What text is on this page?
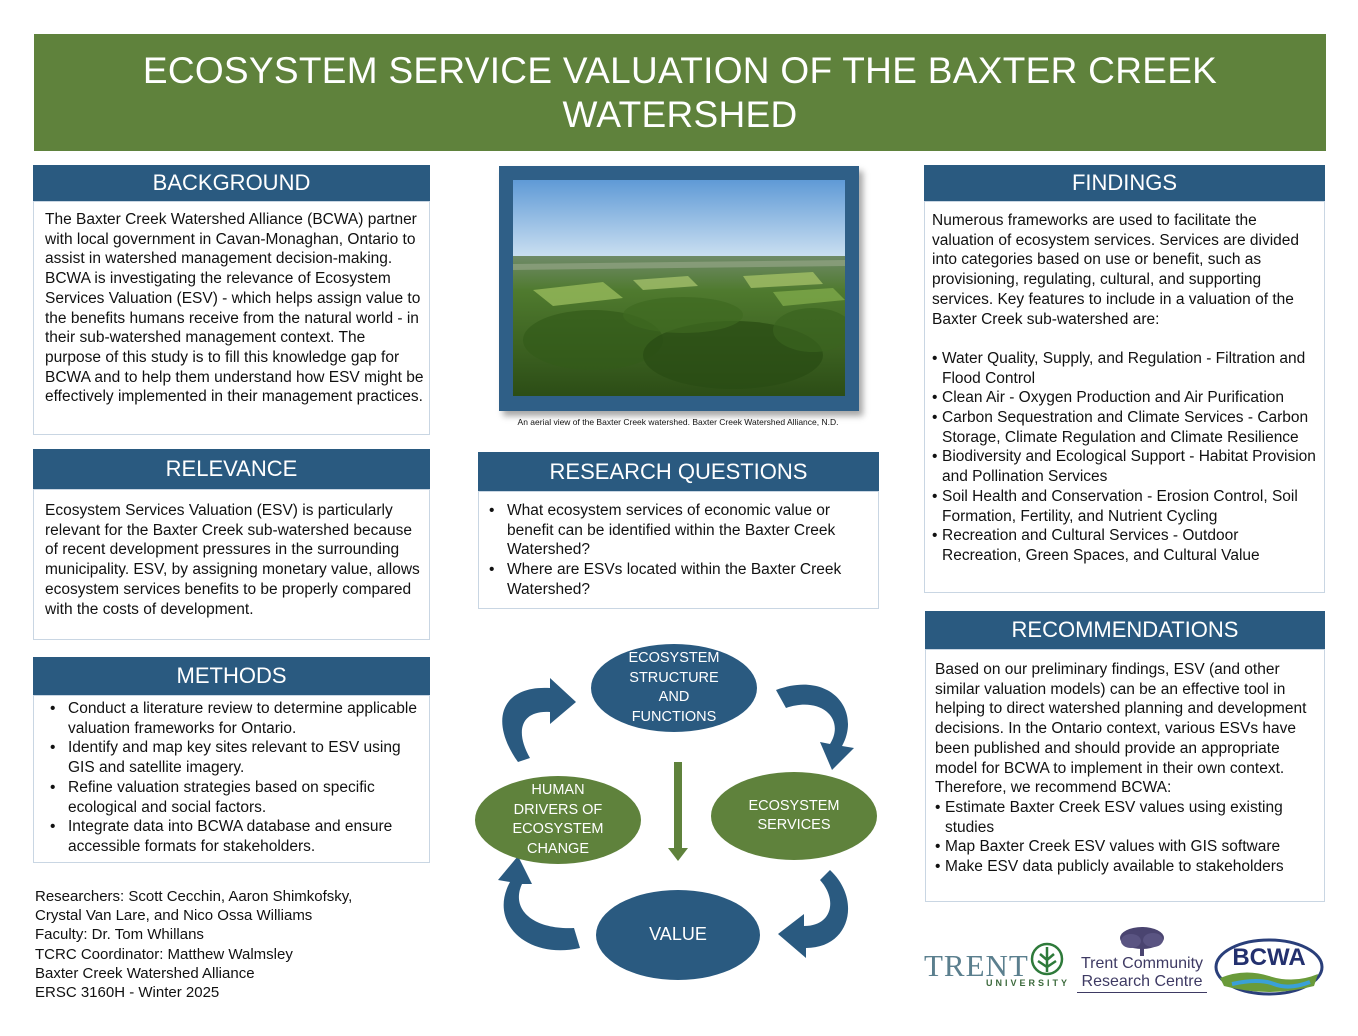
ECOSYSTEM SERVICE VALUATION OF THE BAXTER CREEK WATERSHED
BACKGROUND
The Baxter Creek Watershed Alliance (BCWA) partner with local government in Cavan-Monaghan, Ontario to assist in watershed management decision-making. BCWA is investigating the relevance of Ecosystem Services Valuation (ESV) - which helps assign value to the benefits humans receive from the natural world - in their sub-watershed management context. The purpose of this study is to fill this knowledge gap for BCWA and to help them understand how ESV might be effectively implemented in their management practices.
RELEVANCE
Ecosystem Services Valuation (ESV) is particularly relevant for the Baxter Creek sub-watershed because of recent development pressures in the surrounding municipality. ESV, by assigning monetary value, allows ecosystem services benefits to be properly compared with the costs of development.
METHODS
• Conduct a literature review to determine applicable valuation frameworks for Ontario.
• Identify and map key sites relevant to ESV using GIS and satellite imagery.
• Refine valuation strategies based on specific ecological and social factors.
• Integrate data into BCWA database and ensure accessible formats for stakeholders.
Researchers: Scott Cecchin, Aaron Shimkofsky,
Crystal Van Lare, and Nico Ossa Williams
Faculty: Dr. Tom Whillans
TCRC Coordinator: Matthew Walmsley
Baxter Creek Watershed Alliance
ERSC 3160H - Winter 2025
An aerial view of the Baxter Creek watershed. Baxter Creek Watershed Alliance, N.D.
RESEARCH QUESTIONS
• What ecosystem services of economic value or benefit can be identified within the Baxter Creek Watershed?
• Where are ESVs located within the Baxter Creek Watershed?
ECOSYSTEM
STRUCTURE
AND
FUNCTIONS
HUMAN
DRIVERS OF
ECOSYSTEM
CHANGE
ECOSYSTEM
SERVICES
VALUE
FINDINGS
Numerous frameworks are used to facilitate the valuation of ecosystem services. Services are divided into categories based on use or benefit, such as provisioning, regulating, cultural, and supporting services. Key features to include in a valuation of the Baxter Creek sub-watershed are:
• Water Quality, Supply, and Regulation - Filtration and Flood Control
• Clean Air - Oxygen Production and Air Purification
• Carbon Sequestration and Climate Services - Carbon Storage, Climate Regulation and Climate Resilience
• Biodiversity and Ecological Support - Habitat Provision and Pollination Services
• Soil Health and Conservation - Erosion Control, Soil Formation, Fertility, and Nutrient Cycling
• Recreation and Cultural Services - Outdoor Recreation, Green Spaces, and Cultural Value
RECOMMENDATIONS
Based on our preliminary findings, ESV (and other similar valuation models) can be an effective tool in helping to direct watershed planning and development decisions. In the Ontario context, various ESVs have been published and should provide an appropriate model for BCWA to implement in their own context. Therefore, we recommend BCWA:
• Estimate Baxter Creek ESV values using existing studies
• Map Baxter Creek ESV values with GIS software
• Make ESV data publicly available to stakeholders
TRENT
UNIVERSITY
Trent Community
Research Centre
BCWA
